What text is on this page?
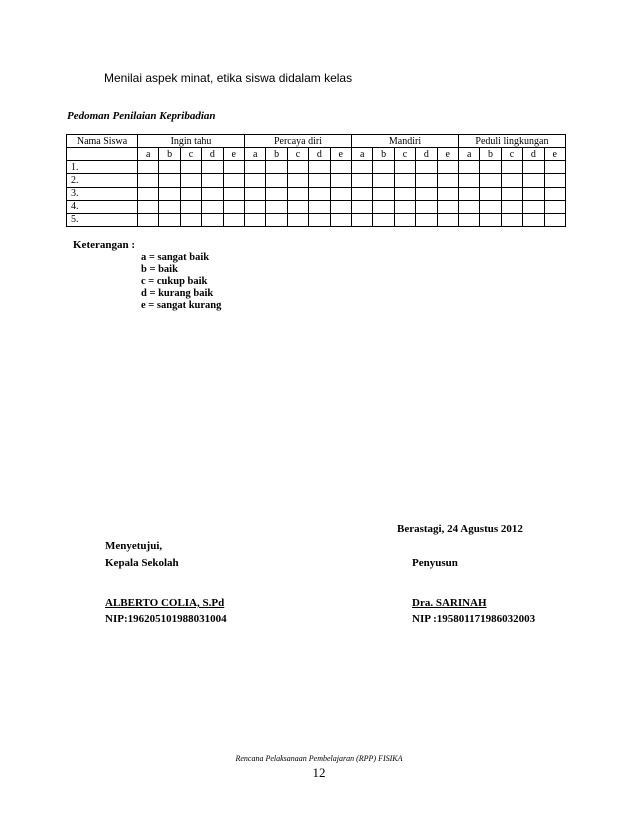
Menilai aspek minat, etika siswa didalam kelas
Pedoman Penilaian Kepribadian
Nama Siswa	Ingin tahu					Percaya diri					Mandiri					Peduli lingkungan				
	a	b	c	d	e	a	b	c	d	e	a	b	c	d	e	a	b	c	d	e
1.																				
2.																				
3.																				
4.																				
5.																				
Keterangan :
a = sangat baik
b = baik
c = cukup baik
d = kurang baik
e = sangat kurang
Berastagi, 24 Agustus 2012
Menyetujui,
Kepala Sekolah	Penyusun
ALBERTO COLIA, S.Pd
NIP:196205101988031004
Dra. SARINAH
NIP :195801171986032003
Rencana Pelaksanaan Pembelajaran (RPP) FISIKA
12
